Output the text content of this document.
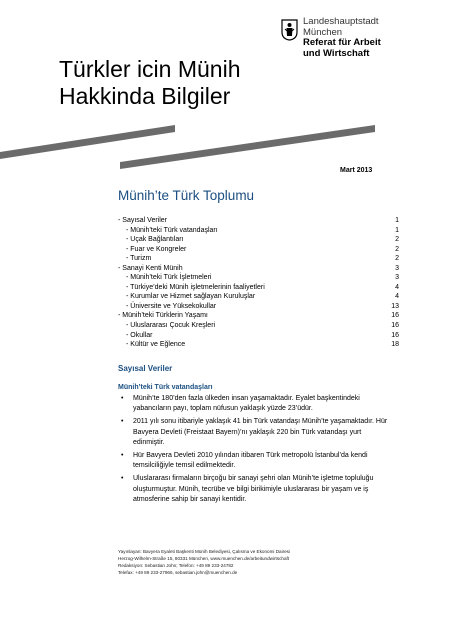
Landeshauptstadt
München
Referat für Arbeit
und Wirtschaft
Türkler icin Münih
Hakkinda Bilgiler
Mart 2013
Münih’te Türk Toplumu
- Sayısal Veriler	1
- Münih’teki Türk vatandaşları	1
- Uçak Bağlantıları	2
- Fuar ve Kongreler	2
- Turizm	2
- Sanayi Kenti Münih	3
- Münih’teki Türk İşletmeleri	3
- Türkiye’deki Münih işletmelerinin faaliyetleri	4
- Kurumlar ve Hizmet sağlayan Kuruluşlar	4
- Üniversite ve Yüksekokullar	13
- Münih’teki Türklerin Yaşamı	16
- Uluslararası Çocuk Kreşleri	16
- Okullar	16
- Kültür ve Eğlence	18
Sayısal Veriler
Münih’teki Türk vatandaşları
• Münih’te 180’den fazla ülkeden insan yaşamaktadır. Eyalet başkentindeki yabancıların payı, toplam nüfusun yaklaşık yüzde 23’üdür.
• 2011 yılı sonu itibariyle yaklaşık 41 bin Türk vatandaşı Münih’te yaşamaktadır. Hür Bavyera Devleti (Freistaat Bayern)’nı yaklaşık 220 bin Türk vatandaşı yurt edinmiştir.
• Hür Bavyera Devleti 2010 yılından itibaren Türk metropolü İstanbul’da kendi temsilciliğiyle temsil edilmektedir.
• Uluslararası firmaların birçoğu bir sanayi şehri olan Münih’te işletme topluluğu oluşturmuştur. Münih, tecrübe ve bilgi birikimiyle uluslararası bir yaşam ve iş atmosferine sahip bir sanayi kentidir.
Yayınlayan: Bavyera Eyaleti Başkenti Münih Belediyesi, Çalısma ve Ekonomi Dairesi
Herzog-Wilhelm-Straße 15, 80331 München, www.muenchen.de/arbeitundwirtschaft
Redaksiyon: Sebastian John; Telefon: +49 89 233-24782
Telefax: +49 89 233-27966, sebastian.john@muenchen.de
